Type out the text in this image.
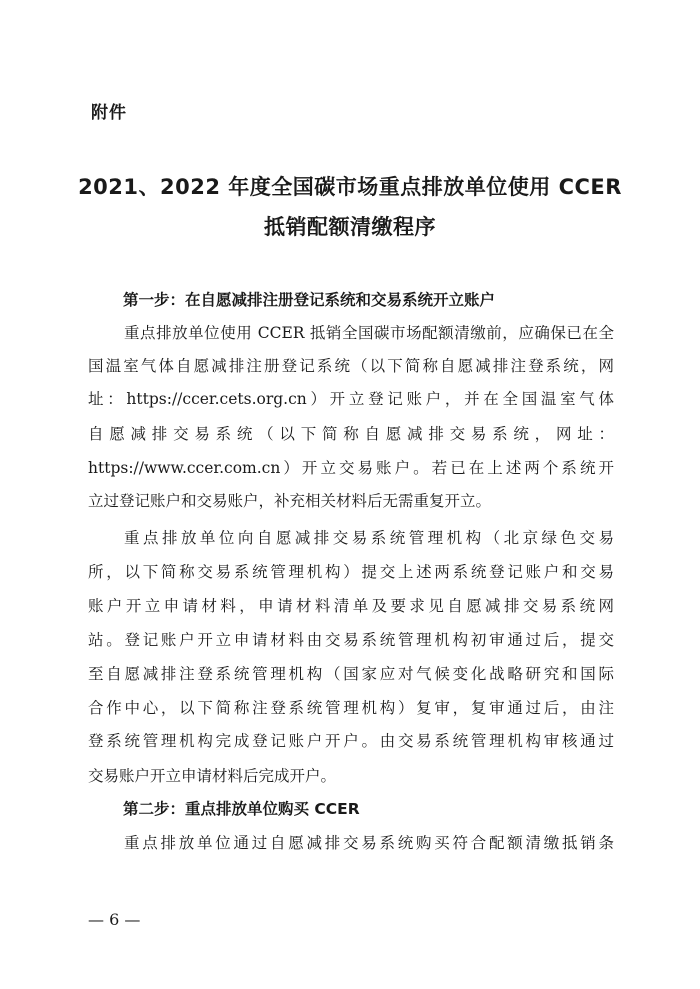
附件
2021、2022 年度全国碳市场重点排放单位使用 CCER
抵销配额清缴程序
第一步：在自愿减排注册登记系统和交易系统开立账户
重点排放单位使用 CCER 抵销全国碳市场配额清缴前，应确保已在全
国温室气体自愿减排注册登记系统（以下简称自愿减排注登系统，网
址：https://ccer.cets.org.cn）开立登记账户，并在全国温室气体
自愿减排交易系统（以下简称自愿减排交易系统，网址：
https://www.ccer.com.cn）开立交易账户。若已在上述两个系统开
立过登记账户和交易账户，补充相关材料后无需重复开立。
重点排放单位向自愿减排交易系统管理机构（北京绿色交易
所，以下简称交易系统管理机构）提交上述两系统登记账户和交易
账户开立申请材料，申请材料清单及要求见自愿减排交易系统网
站。登记账户开立申请材料由交易系统管理机构初审通过后，提交
至自愿减排注登系统管理机构（国家应对气候变化战略研究和国际
合作中心，以下简称注登系统管理机构）复审，复审通过后，由注
登系统管理机构完成登记账户开户。由交易系统管理机构审核通过
交易账户开立申请材料后完成开户。
第二步：重点排放单位购买 CCER
重点排放单位通过自愿减排交易系统购买符合配额清缴抵销条
— 6 —
